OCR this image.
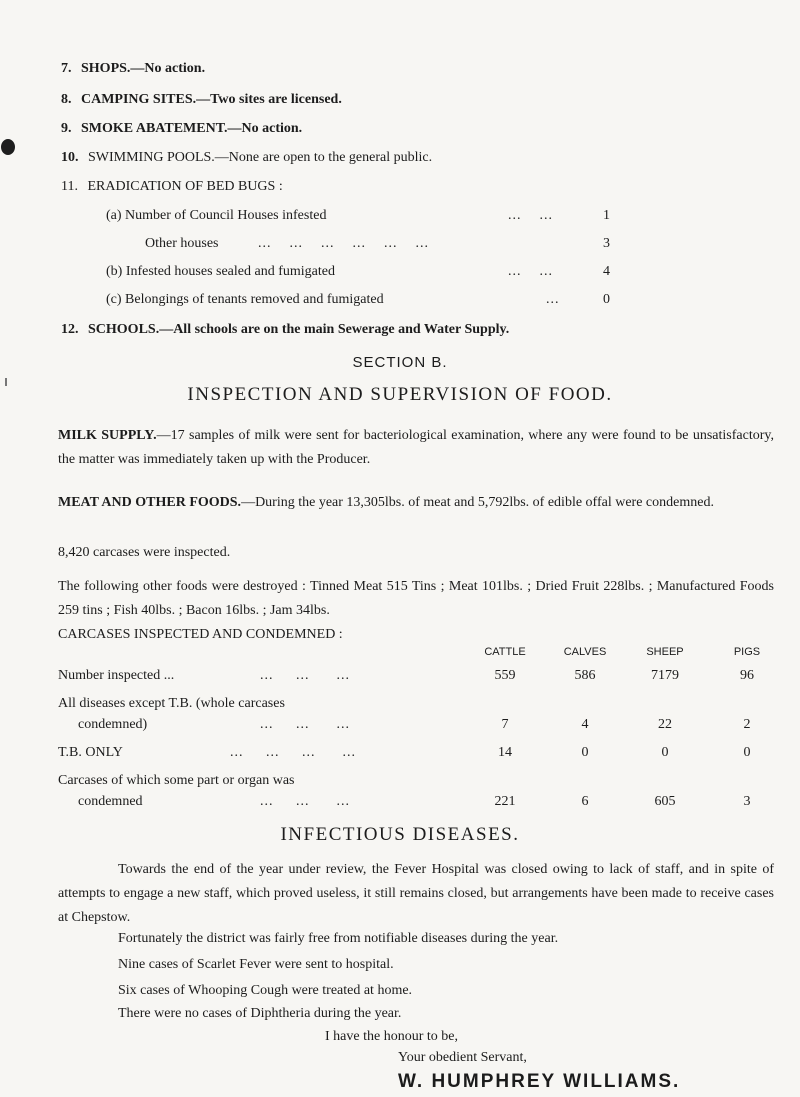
7. SHOPS.—No action.
8. CAMPING SITES.—Two sites are licensed.
9. SMOKE ABATEMENT.—No action.
10. SWIMMING POOLS.—None are open to the general public.
11. ERADICATION OF BED BUGS :
(a) Number of Council Houses infested	...    ...	1
Other houses	...    ...    ...    ...    ...    ...	3
(b) Infested houses sealed and fumigated	...    ...	4
(c) Belongings of tenants removed and fumigated	...	0
12. SCHOOLS.—All schools are on the main Sewerage and Water Supply.
SECTION B.
INSPECTION AND SUPERVISION OF FOOD.
MILK SUPPLY.—17 samples of milk were sent for bacteriological examination, where any were found to be unsatisfactory, the matter was immediately taken up with the Producer.
MEAT AND OTHER FOODS.—During the year 13,305lbs. of meat and 5,792lbs. of edible offal were condemned.
8,420 carcases were inspected.
The following other foods were destroyed : Tinned Meat 515 Tins ; Meat 101lbs. ; Dried Fruit 228lbs. ; Manufactured Foods 259 tins ; Fish 40lbs. ; Bacon 16lbs. ; Jam 34lbs.
CARCASES INSPECTED AND CONDEMNED :
CATTLE	CALVES	SHEEP	PIGS
Number inspected ...	...     ...      ...	559	586	7179	96
All diseases except T.B. (whole carcases
condemned)	...     ...      ...	7	4	22	2
T.B. ONLY	...     ...     ...      ...	14	0	0	0
Carcases of which some part or organ was
condemned	...     ...      ...	221	6	605	3
INFECTIOUS DISEASES.
Towards the end of the year under review, the Fever Hospital was closed owing to lack of staff, and in spite of attempts to engage a new staff, which proved useless, it still remains closed, but arrangements have been made to receive cases at Chepstow.
Fortunately the district was fairly free from notifiable diseases during the year.
Nine cases of Scarlet Fever were sent to hospital.
Six cases of Whooping Cough were treated at home.
There were no cases of Diphtheria during the year.
I have the honour to be,
Your obedient Servant,
W. HUMPHREY WILLIAMS.
